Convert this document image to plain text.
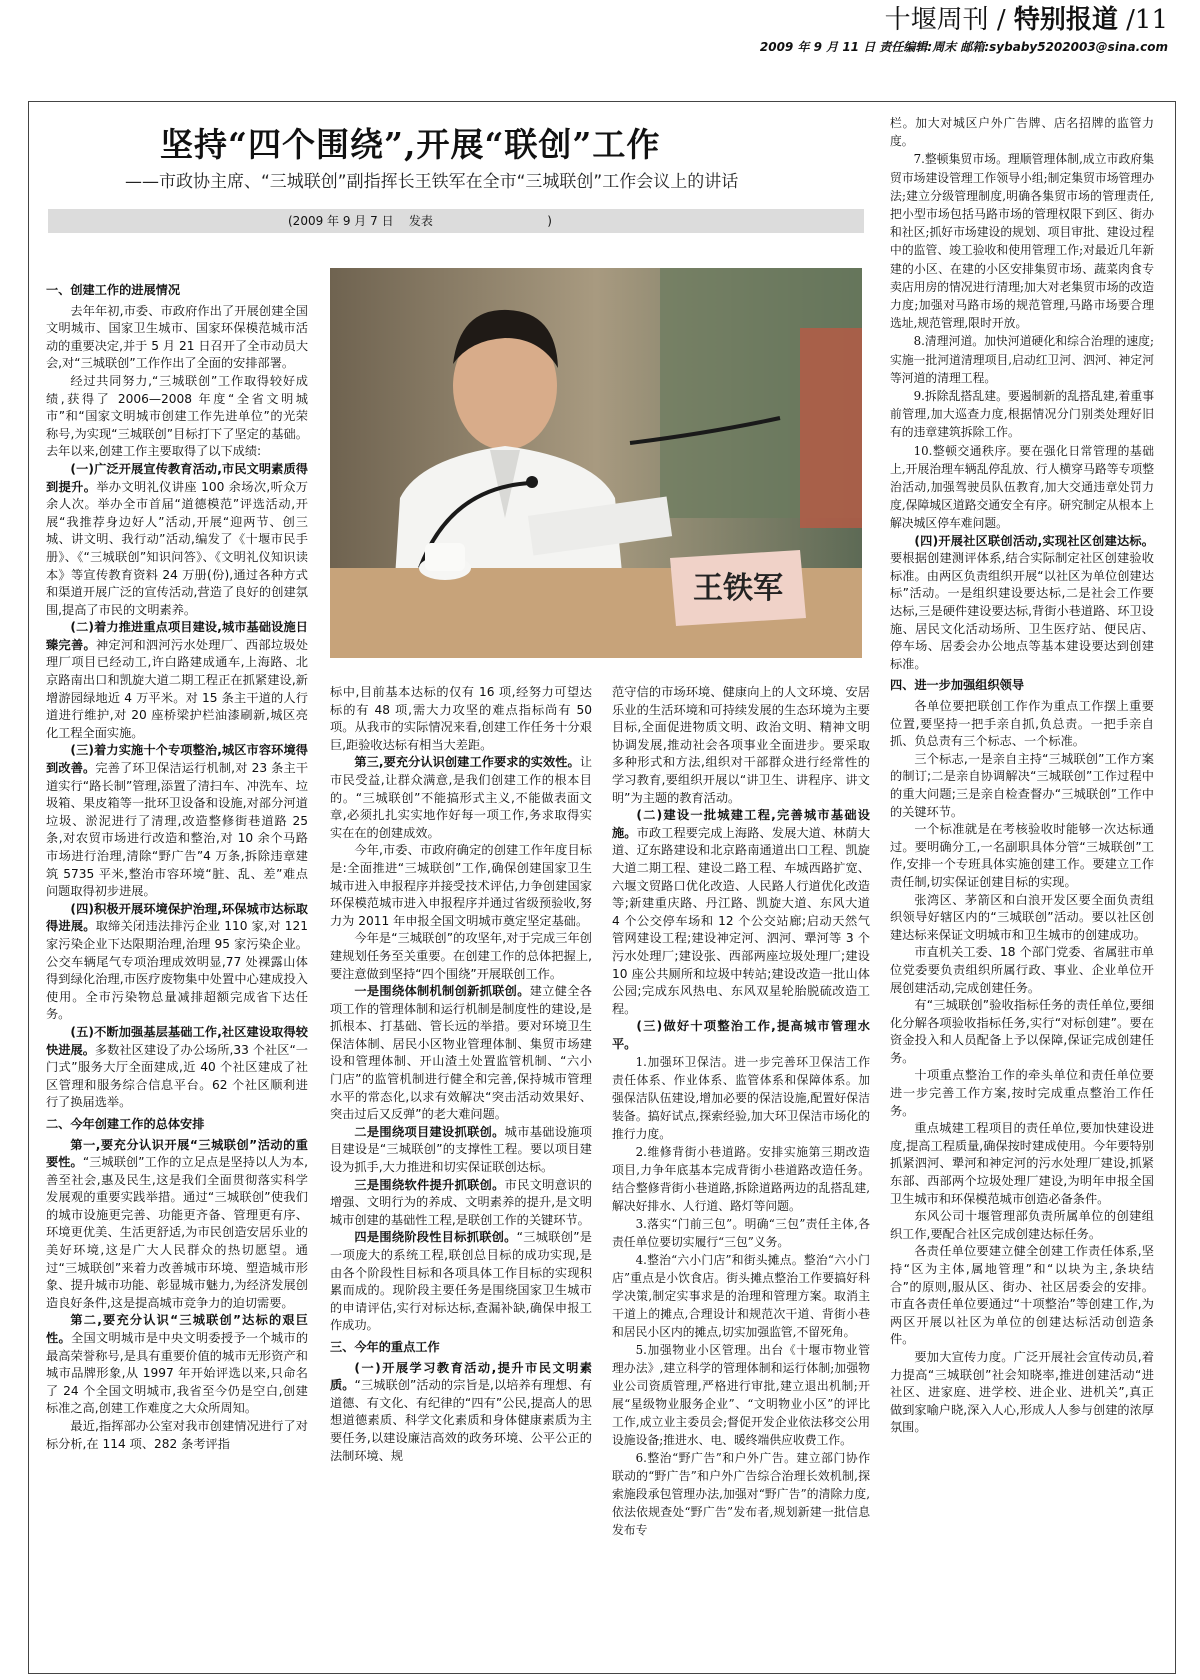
十堰周刊 / 特别报道 /11
2009 年 9 月 11 日 责任编辑:周末 邮箱:sybaby5202003@sina.com
坚持“四个围绕”,开展“联创”工作
——市政协主席、“三城联创”副指挥长王铁军在全市“三城联创”工作会议上的讲话
(2009 年 9 月 7 日    发表                              )
王铁军

一、创建工作的进展情况

去年年初,市委、市政府作出了开展创建全国文明城市、国家卫生城市、国家环保模范城市活动的重要决定,并于 5 月 21 日召开了全市动员大会,对“三城联创”工作作出了全面的安排部署。

经过共同努力,“三城联创”工作取得较好成绩,获得了 2006—2008 年度“全省文明城市”和“国家文明城市创建工作先进单位”的光荣称号,为实现“三城联创”目标打下了坚定的基础。去年以来,创建工作主要取得了以下成绩:

(一)广泛开展宣传教育活动,市民文明素质得到提升。举办文明礼仪讲座 100 余场次,听众万余人次。举办全市首届“道德模范”评选活动,开展“我推荐身边好人”活动,开展“迎两节、创三城、讲文明、我行动”活动,编发了《十堰市民手册》、《“三城联创”知识问答》、《文明礼仪知识读本》等宣传教育资料 24 万册(份),通过各种方式和渠道开展广泛的宣传活动,营造了良好的创建氛围,提高了市民的文明素养。

(二)着力推进重点项目建设,城市基础设施日臻完善。神定河和泗河污水处理厂、西部垃圾处理厂项目已经动工,许白路建成通车,上海路、北京路南出口和凯旋大道二期工程正在抓紧建设,新增游园绿地近 4 万平米。对 15 条主干道的人行道进行维护,对 20 座桥梁护栏油漆刷新,城区亮化工程全面实施。

(三)着力实施十个专项整治,城区市容环境得到改善。完善了环卫保洁运行机制,对 23 条主干道实行“路长制”管理,添置了清扫车、冲洗车、垃圾箱、果皮箱等一批环卫设备和设施,对部分河道垃圾、淤泥进行了清理,改造整修街巷道路 25 条,对农贸市场进行改造和整治,对 10 余个马路市场进行治理,清除“野广告”4 万条,拆除违章建筑 5735 平米,整治市容环境“脏、乱、差”难点问题取得初步进展。

(四)积极开展环境保护治理,环保城市达标取得进展。取缔关闭违法排污企业 110 家,对 121 家污染企业下达限期治理,治理 95 家污染企业。公交车辆尾气专项治理成效明显,77 处裸露山体得到绿化治理,市医疗废物集中处置中心建成投入使用。全市污染物总量减排超额完成省下达任务。

(五)不断加强基层基础工作,社区建设取得较快进展。多数社区建设了办公场所,33 个社区“一门式”服务大厅全面建成,近 40 个社区建成了社区管理和服务综合信息平台。62 个社区顺利进行了换届选举。

二、今年创建工作的总体安排

第一,要充分认识开展“三城联创”活动的重要性。“三城联创”工作的立足点是坚持以人为本,善至社会,惠及民生,这是我们全面贯彻落实科学发展观的重要实践举措。通过“三城联创”使我们的城市设施更完善、功能更齐备、管理更有序、环境更优美、生活更舒适,为市民创造安居乐业的美好环境,这是广大人民群众的热切愿望。通过“三城联创”来着力改善城市环境、塑造城市形象、提升城市功能、彰显城市魅力,为经济发展创造良好条件,这是提高城市竞争力的迫切需要。

第二,要充分认识“三城联创”达标的艰巨性。全国文明城市是中央文明委授予一个城市的最高荣誉称号,是具有重要价值的城市无形资产和城市品牌形象,从 1997 年开始评选以来,只命名了 24 个全国文明城市,我省至今仍是空白,创建标准之高,创建工作难度之大众所周知。

最近,指挥部办公室对我市创建情况进行了对标分析,在 114 项、282 条考评指

标中,目前基本达标的仅有 16 项,经努力可望达标的有 48 项,需大力攻坚的难点指标尚有 50 项。从我市的实际情况来看,创建工作任务十分艰巨,距验收达标有相当大差距。

第三,要充分认识创建工作要求的实效性。让市民受益,让群众满意,是我们创建工作的根本目的。“三城联创”不能搞形式主义,不能做表面文章,必须扎扎实实地作好每一项工作,务求取得实实在在的创建成效。

今年,市委、市政府确定的创建工作年度目标是:全面推进“三城联创”工作,确保创建国家卫生城市进入申报程序并接受技术评估,力争创建国家环保模范城市进入申报程序并通过省级预验收,努力为 2011 年申报全国文明城市奠定坚定基础。

今年是“三城联创”的攻坚年,对于完成三年创建规划任务至关重要。在创建工作的总体把握上,要注意做到坚持“四个围绕”开展联创工作。

一是围绕体制机制创新抓联创。建立健全各项工作的管理体制和运行机制是制度性的建设,是抓根本、打基础、管长远的举措。要对环境卫生保洁体制、居民小区物业管理体制、集贸市场建设和管理体制、开山渣土处置监管机制、“六小门店”的监管机制进行健全和完善,保持城市管理水平的常态化,以求有效解决“突击活动效果好、突击过后又反弹”的老大难问题。

二是围绕项目建设抓联创。城市基础设施项目建设是“三城联创”的支撑性工程。要以项目建设为抓手,大力推进和切实保证联创达标。

三是围绕软件提升抓联创。市民文明意识的增强、文明行为的养成、文明素养的提升,是文明城市创建的基础性工程,是联创工作的关键环节。

四是围绕阶段性目标抓联创。“三城联创”是一项庞大的系统工程,联创总目标的成功实现,是由各个阶段性目标和各项具体工作目标的实现积累而成的。现阶段主要任务是围绕国家卫生城市的申请评估,实行对标达标,查漏补缺,确保申报工作成功。

三、今年的重点工作

(一)开展学习教育活动,提升市民文明素质。“三城联创”活动的宗旨是,以培养有理想、有道德、有文化、有纪律的“四有”公民,提高人的思想道德素质、科学文化素质和身体健康素质为主要任务,以建设廉洁高效的政务环境、公平公正的法制环境、规

范守信的市场环境、健康向上的人文环境、安居乐业的生活环境和可持续发展的生态环境为主要目标,全面促进物质文明、政治文明、精神文明协调发展,推动社会各项事业全面进步。要采取多种形式和方法,组织对干部群众进行经常性的学习教育,要组织开展以“讲卫生、讲程序、讲文明”为主题的教育活动。

(二)建设一批城建工程,完善城市基础设施。市政工程要完成上海路、发展大道、林荫大道、辽东路建设和北京路南通道出口工程、凯旋大道二期工程、建设二路工程、车城西路扩宽、六堰文贸路口优化改造、人民路人行道优化改造等;新建重庆路、丹江路、凯旋大道、东风大道 4 个公交停车场和 12 个公交站廊;启动天然气管网建设工程;建设神定河、泗河、犟河等 3 个污水处理厂;建设张、西部两座垃圾处理厂;建设 10 座公共厕所和垃圾中转站;建设改造一批山体公园;完成东风热电、东风双星轮胎脱硫改造工程。

(三)做好十项整治工作,提高城市管理水平。

1.加强环卫保洁。进一步完善环卫保洁工作责任体系、作业体系、监管体系和保障体系。加强保洁队伍建设,增加必要的保洁设施,配置好保洁装备。搞好试点,探索经验,加大环卫保洁市场化的推行力度。

2.维修背街小巷道路。安排实施第三期改造项目,力争年底基本完成背街小巷道路改造任务。结合整修背街小巷道路,拆除道路两边的乱搭乱建,解决好排水、人行道、路灯等问题。

3.落实“门前三包”。明确“三包”责任主体,各责任单位要切实履行“三包”义务。

4.整治“六小门店”和街头摊点。整治“六小门店”重点是小饮食店。街头摊点整治工作要搞好科学决策,制定实事求是的治理和管理方案。取消主干道上的摊点,合理设计和规范次干道、背街小巷和居民小区内的摊点,切实加强监管,不留死角。

5.加强物业小区管理。出台《十堰市物业管理办法》,建立科学的管理体制和运行体制;加强物业公司资质管理,严格进行审批,建立退出机制;开展“星级物业服务企业”、“文明物业小区”的评比工作,成立业主委员会;督促开发企业依法移交公用设施设备;推进水、电、暖终端供应收费工作。

6.整治“野广告”和户外广告。建立部门协作联动的“野广告”和户外广告综合治理长效机制,探索施段承包管理办法,加强对“野广告”的清除力度,依法依规查处“野广告”发布者,规划新建一批信息发布专

栏。加大对城区户外广告牌、店名招牌的监管力度。

7.整顿集贸市场。理顺管理体制,成立市政府集贸市场建设管理工作领导小组;制定集贸市场管理办法;建立分级管理制度,明确各集贸市场的管理责任,把小型市场包括马路市场的管理权限下到区、街办和社区;抓好市场建设的规划、项目审批、建设过程中的监管、竣工验收和使用管理工作;对最近几年新建的小区、在建的小区安排集贸市场、蔬菜肉食专卖店用房的情况进行清理;加大对老集贸市场的改造力度;加强对马路市场的规范管理,马路市场要合理选址,规范管理,限时开放。

8.清理河道。加快河道硬化和综合治理的速度;实施一批河道清理项目,启动红卫河、泗河、神定河等河道的清理工程。

9.拆除乱搭乱建。要遏制新的乱搭乱建,着重事前管理,加大巡查力度,根据情况分门别类处理好旧有的违章建筑拆除工作。

10.整顿交通秩序。要在强化日常管理的基础上,开展治理车辆乱停乱放、行人横穿马路等专项整治活动,加强驾驶员队伍教育,加大交通违章处罚力度,保障城区道路交通安全有序。研究制定从根本上解决城区停车难问题。

(四)开展社区联创活动,实现社区创建达标。要根据创建测评体系,结合实际制定社区创建验收标准。由两区负责组织开展“以社区为单位创建达标”活动。一是组织建设要达标,二是社会工作要达标,三是硬件建设要达标,背街小巷道路、环卫设施、居民文化活动场所、卫生医疗站、便民店、停车场、居委会办公地点等基本建设要达到创建标准。

四、进一步加强组织领导

各单位要把联创工作作为重点工作摆上重要位置,要坚持一把手亲自抓,负总责。一把手亲自抓、负总责有三个标志、一个标准。

三个标志,一是亲自主持“三城联创”工作方案的制订;二是亲自协调解决“三城联创”工作过程中的重大问题;三是亲自检查督办“三城联创”工作中的关键环节。

一个标准就是在考核验收时能够一次达标通过。要明确分工,一名副职具体分管“三城联创”工作,安排一个专班具体实施创建工作。要建立工作责任制,切实保证创建目标的实现。

张湾区、茅箭区和白浪开发区要全面负责组织领导好辖区内的“三城联创”活动。要以社区创建达标来保证文明城市和卫生城市的创建成功。

市直机关工委、18 个部门党委、省属驻市单位党委要负责组织所属行政、事业、企业单位开展创建活动,完成创建任务。

有“三城联创”验收指标任务的责任单位,要细化分解各项验收指标任务,实行“对标创建”。要在资金投入和人员配备上予以保障,保证完成创建任务。

十项重点整治工作的牵头单位和责任单位要进一步完善工作方案,按时完成重点整治工作任务。

重点城建工程项目的责任单位,要加快建设进度,提高工程质量,确保按时建成使用。今年要特别抓紧泗河、犟河和神定河的污水处理厂建设,抓紧东部、西部两个垃圾处理厂建设,为明年申报全国卫生城市和环保模范城市创造必备条件。

东风公司十堰管理部负责所属单位的创建组织工作,要配合社区完成创建达标任务。

各责任单位要建立健全创建工作责任体系,坚持“区为主体,属地管理”和“以块为主,条块结合”的原则,服从区、街办、社区居委会的安排。市直各责任单位要通过“十项整治”等创建工作,为两区开展以社区为单位的创建达标活动创造条件。

要加大宣传力度。广泛开展社会宣传动员,着力提高“三城联创”社会知晓率,推进创建活动“进社区、进家庭、进学校、进企业、进机关”,真正做到家喻户晓,深入人心,形成人人参与创建的浓厚氛围。
